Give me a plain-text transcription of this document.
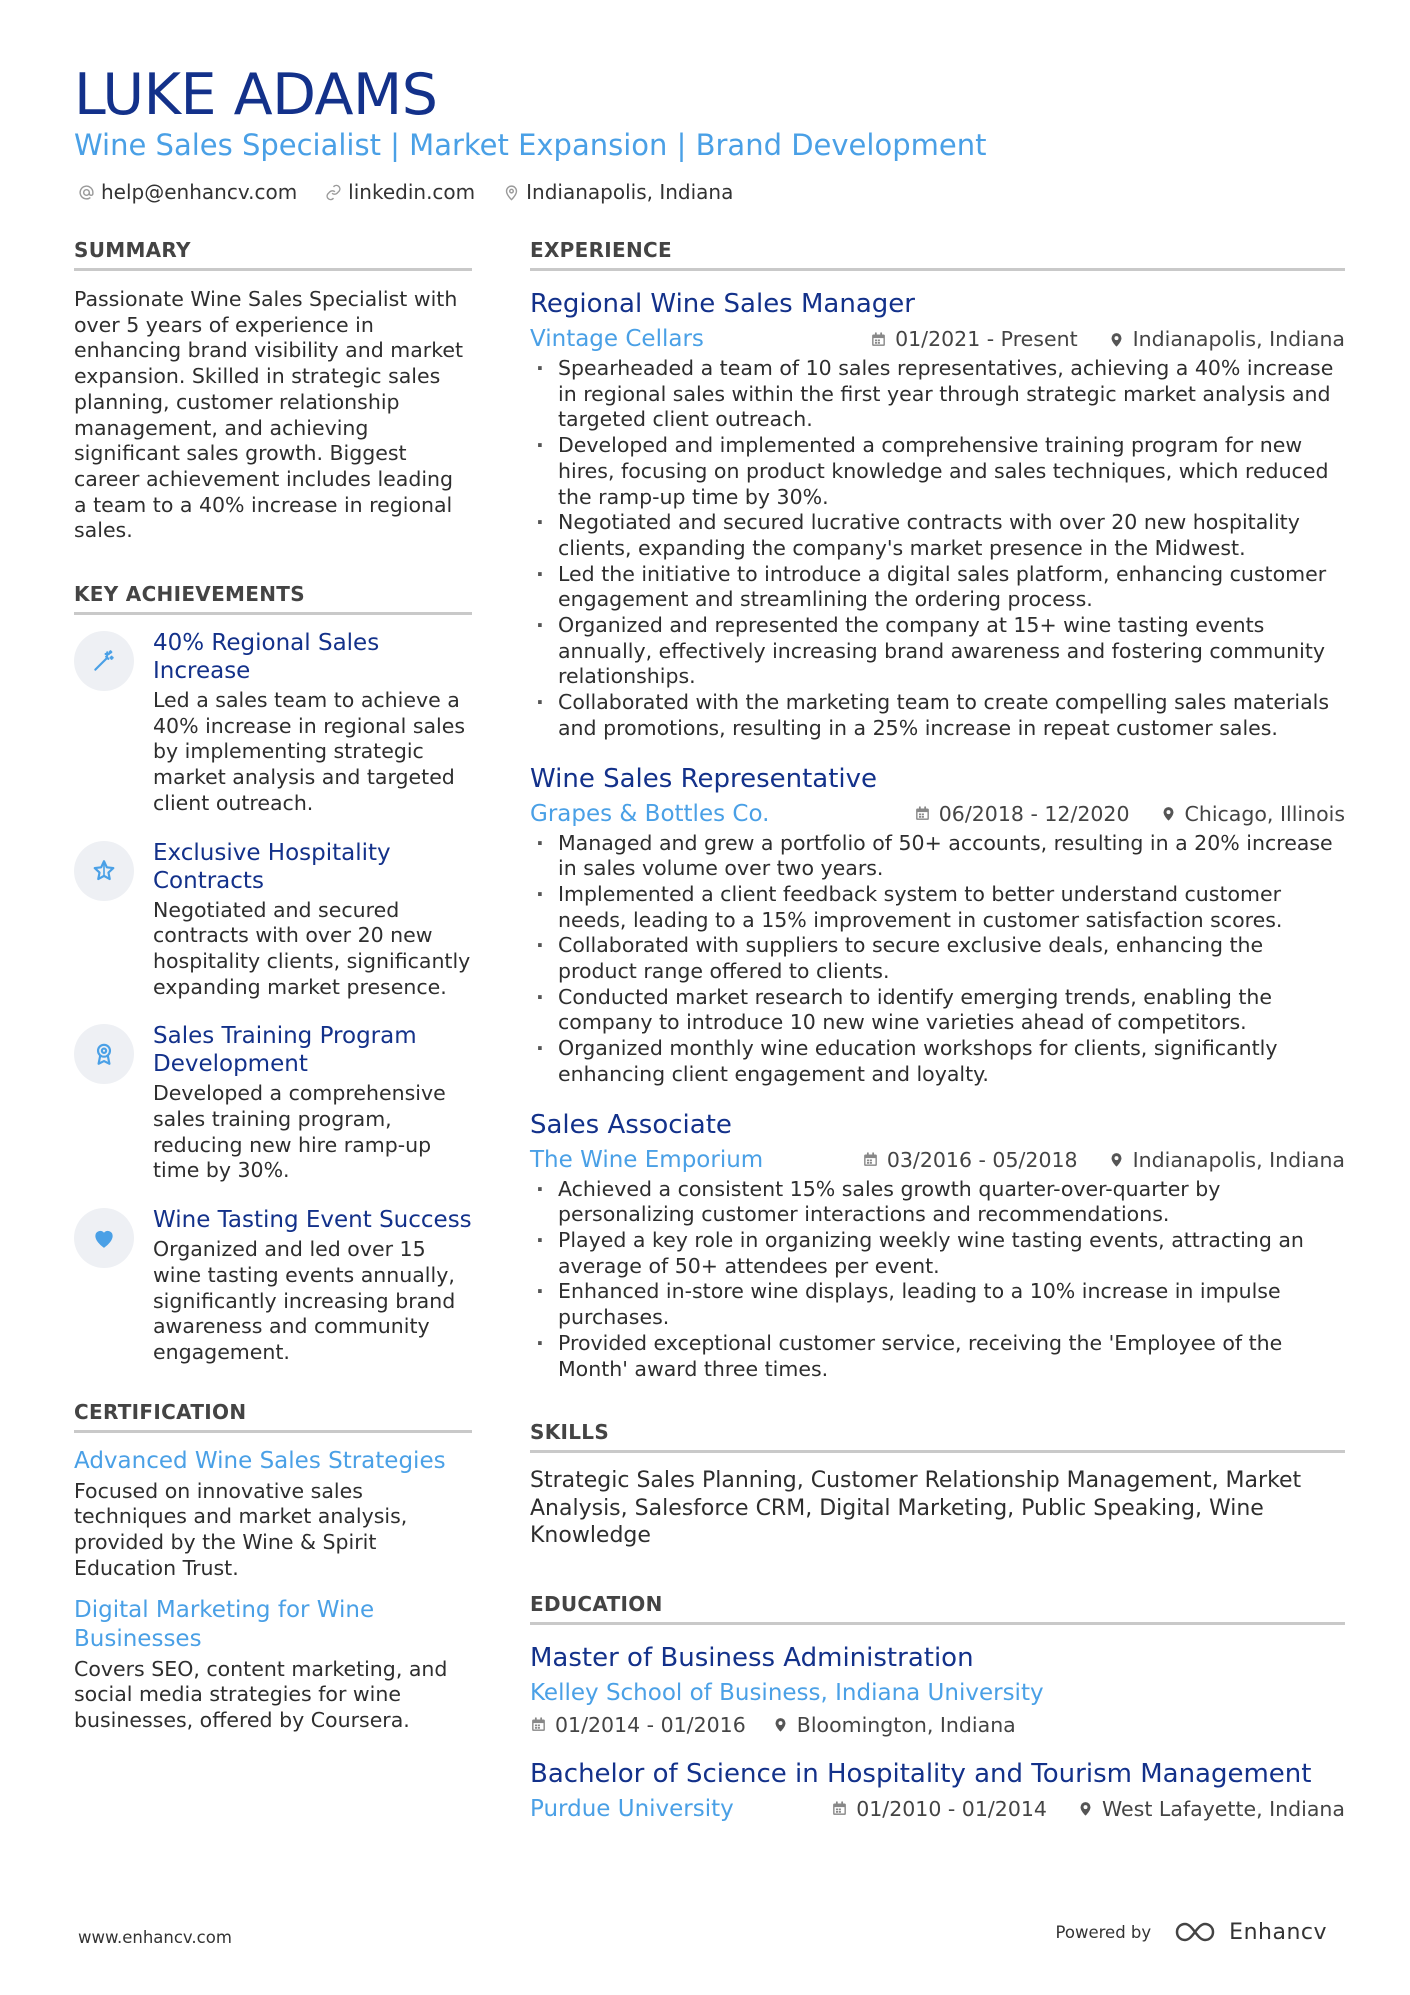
LUKE ADAMS
Wine Sales Specialist | Market Expansion | Brand Development
help@enhancv.com	linkedin.com	Indianapolis, Indiana
SUMMARY

Passionate Wine Sales Specialist with over 5 years of experience in enhancing brand visibility and market expansion. Skilled in strategic sales planning, customer relationship management, and achieving significant sales growth. Biggest career achievement includes leading a team to a 40% increase in regional sales.

KEY ACHIEVEMENTS
40% Regional Sales Increase
Led a sales team to achieve a 40% increase in regional sales by implementing strategic market analysis and targeted client outreach.
Exclusive Hospitality Contracts
Negotiated and secured contracts with over 20 new hospitality clients, significantly expanding market presence.
Sales Training Program Development
Developed a comprehensive sales training program, reducing new hire ramp-up time by 30%.
Wine Tasting Event Success
Organized and led over 15 wine tasting events annually, significantly increasing brand awareness and community engagement.
CERTIFICATION
Advanced Wine Sales Strategies
Focused on innovative sales techniques and market analysis, provided by the Wine & Spirit Education Trust.
Digital Marketing for Wine Businesses
Covers SEO, content marketing, and social media strategies for wine businesses, offered by Coursera.
EXPERIENCE
Regional Wine Sales Manager
Vintage Cellars	01/2021 - Present	Indianapolis, Indiana
· Spearheaded a team of 10 sales representatives, achieving a 40% increase in regional sales within the first year through strategic market analysis and targeted client outreach.
· Developed and implemented a comprehensive training program for new hires, focusing on product knowledge and sales techniques, which reduced the ramp-up time by 30%.
· Negotiated and secured lucrative contracts with over 20 new hospitality clients, expanding the company's market presence in the Midwest.
· Led the initiative to introduce a digital sales platform, enhancing customer engagement and streamlining the ordering process.
· Organized and represented the company at 15+ wine tasting events annually, effectively increasing brand awareness and fostering community relationships.
· Collaborated with the marketing team to create compelling sales materials and promotions, resulting in a 25% increase in repeat customer sales.
Wine Sales Representative
Grapes & Bottles Co.	06/2018 - 12/2020	Chicago, Illinois
· Managed and grew a portfolio of 50+ accounts, resulting in a 20% increase in sales volume over two years.
· Implemented a client feedback system to better understand customer needs, leading to a 15% improvement in customer satisfaction scores.
· Collaborated with suppliers to secure exclusive deals, enhancing the product range offered to clients.
· Conducted market research to identify emerging trends, enabling the company to introduce 10 new wine varieties ahead of competitors.
· Organized monthly wine education workshops for clients, significantly enhancing client engagement and loyalty.
Sales Associate
The Wine Emporium	03/2016 - 05/2018	Indianapolis, Indiana
· Achieved a consistent 15% sales growth quarter-over-quarter by personalizing customer interactions and recommendations.
· Played a key role in organizing weekly wine tasting events, attracting an average of 50+ attendees per event.
· Enhanced in-store wine displays, leading to a 10% increase in impulse purchases.
· Provided exceptional customer service, receiving the 'Employee of the Month' award three times.
SKILLS

Strategic Sales Planning, Customer Relationship Management, Market Analysis, Salesforce CRM, Digital Marketing, Public Speaking, Wine Knowledge

EDUCATION
Master of Business Administration
Kelley School of Business, Indiana University
01/2014 - 01/2016 Bloomington, Indiana
Bachelor of Science in Hospitality and Tourism Management
Purdue University	01/2010 - 01/2014	West Lafayette, Indiana
www.enhancv.com	Powered by	Enhancv
